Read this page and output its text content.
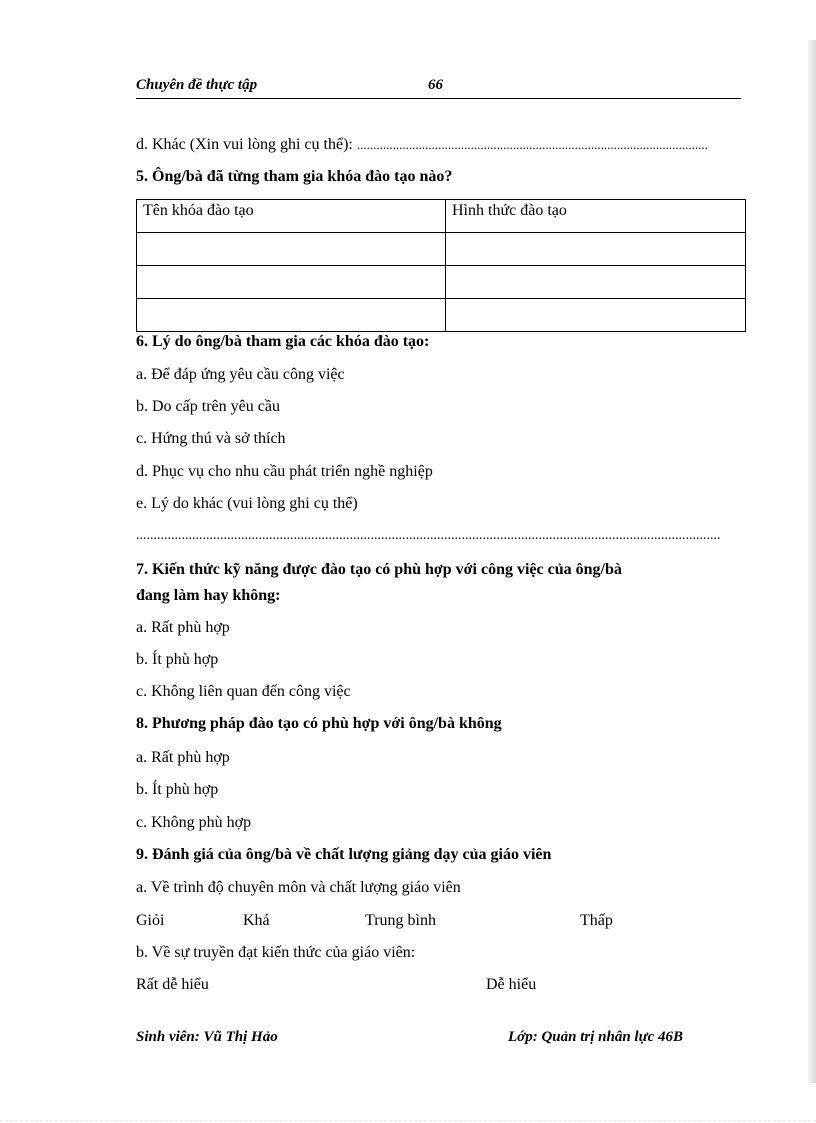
Chuyên đề thực tập	66
d. Khác (Xin vui lòng ghi cụ thể): ............................................................................................................
5. Ông/bà đã từng tham gia khóa đào tạo nào?
Tên khóa đào tạo	Hình thức đào tạo

6. Lý do ông/bà tham gia các khóa đào tạo:
a. Để đáp ứng yêu cầu công việc
b. Do cấp trên yêu cầu
c. Hứng thú và sở thích
d. Phục vụ cho nhu cầu phát triển nghề nghiệp
e. Lý do khác (vui lòng ghi cụ thể)
.......................................................................................................................................................................
7. Kiến thức kỹ năng được đào tạo có phù hợp với công việc của ông/bà
đang làm hay không:
a. Rất phù hợp
b. Ít phù hợp
c. Không liên quan đến công việc
8. Phương pháp đào tạo có phù hợp với ông/bà không
a. Rất phù hợp
b. Ít phù hợp
c. Không phù hợp
9. Đánh giá của ông/bà về chất lượng giảng dạy của giáo viên
a. Về trình độ chuyên môn và chất lượng giáo viên
Giỏi	Khá	Trung bình	Thấp
b. Về sự truyền đạt kiến thức của giáo viên:
Rất dễ hiểu	Dễ hiểu
Sinh viên: Vũ Thị Hảo	Lớp: Quản trị nhân lực 46B
